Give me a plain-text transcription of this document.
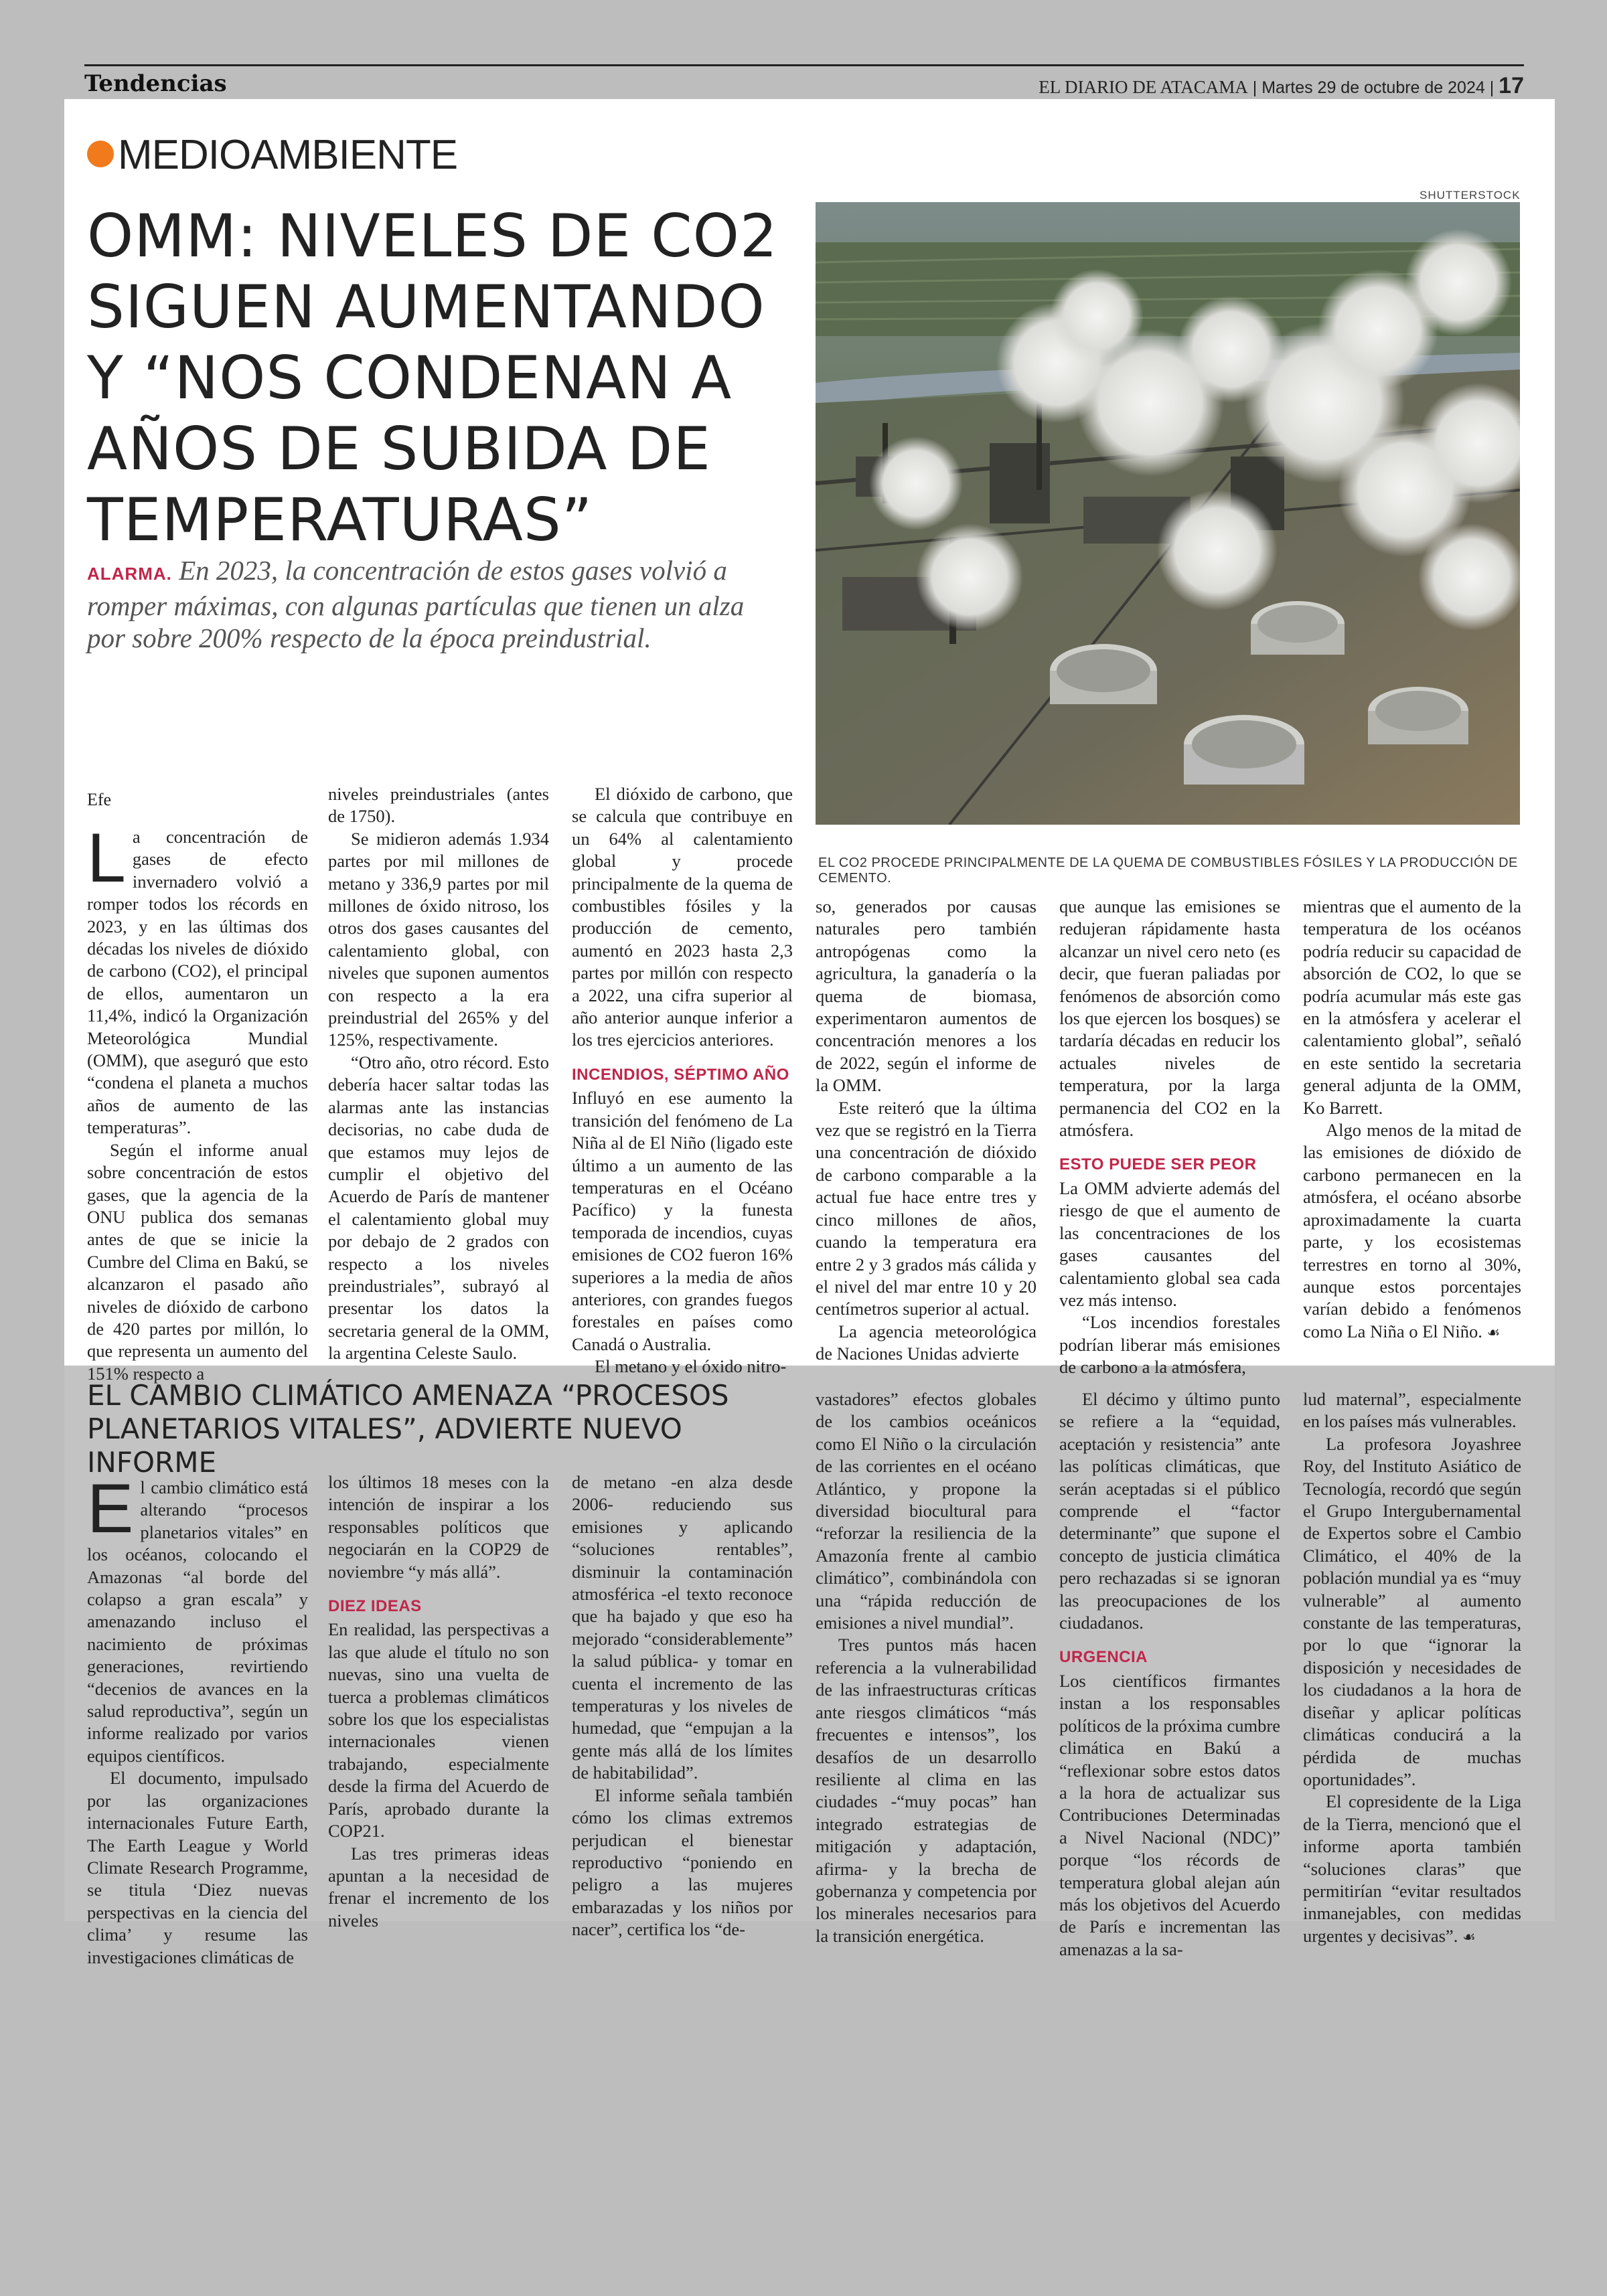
Tendencias	EL DIARIO DE ATACAMA | Martes 29 de octubre de 2024 | 17
MEDIOAMBIENTE
OMM: NIVELES DE CO2 SIGUEN AUMENTANDO Y “NOS CONDENAN A AÑOS DE SUBIDA DE TEMPERATURAS”
ALARMA. En 2023, la concentración de estos gases volvió a romper máximas, con algunas partículas que tienen un alza por sobre 200% respecto de la época preindustrial.
SHUTTERSTOCK
EL CO2 PROCEDE PRINCIPALMENTE DE LA QUEMA DE COMBUSTIBLES FÓSILES Y LA PRODUCCIÓN DE CEMENTO.
Efe

La concentración de gases de efecto invernadero volvió a romper todos los récords en 2023, y en las últimas dos décadas los niveles de dióxido de carbono (CO2), el principal de ellos, aumentaron un 11,4%, indicó la Organización Meteorológica Mundial (OMM), que aseguró que esto “condena el planeta a muchos años de aumento de las temperaturas”.

Según el informe anual sobre concentración de estos gases, que la agencia de la ONU publica dos semanas antes de que se inicie la Cumbre del Clima en Bakú, se alcanzaron el pasado año niveles de dióxido de carbono de 420 partes por millón, lo que representa un aumento del 151% respecto a

niveles preindustriales (antes de 1750).

Se midieron además 1.934 partes por mil millones de metano y 336,9 partes por mil millones de óxido nitroso, los otros dos gases causantes del calentamiento global, con niveles que suponen aumentos con respecto a la era preindustrial del 265% y del 125%, respectivamente.

“Otro año, otro récord. Esto debería hacer saltar todas las alarmas ante las instancias decisorias, no cabe duda de que estamos muy lejos de cumplir el objetivo del Acuerdo de París de mantener el calentamiento global muy por debajo de 2 grados con respecto a los niveles preindustriales”, subrayó al presentar los datos la secretaria general de la OMM, la argentina Celeste Saulo.

El dióxido de carbono, que se calcula que contribuye en un 64% al calentamiento global y procede principalmente de la quema de combustibles fósiles y la producción de cemento, aumentó en 2023 hasta 2,3 partes por millón con respecto a 2022, una cifra superior al año anterior aunque inferior a los tres ejercicios anteriores.

INCENDIOS, SÉPTIMO AÑO

Influyó en ese aumento la transición del fenómeno de La Niña al de El Niño (ligado este último a un aumento de las temperaturas en el Océano Pacífico) y la funesta temporada de incendios, cuyas emisiones de CO2 fueron 16% superiores a la media de años anteriores, con grandes fuegos forestales en países como Canadá o Australia.

El metano y el óxido nitro-

so, generados por causas naturales pero también antropógenas como la agricultura, la ganadería o la quema de biomasa, experimentaron aumentos de concentración menores a los de 2022, según el informe de la OMM.

Este reiteró que la última vez que se registró en la Tierra una concentración de dióxido de carbono comparable a la actual fue hace entre tres y cinco millones de años, cuando la temperatura era entre 2 y 3 grados más cálida y el nivel del mar entre 10 y 20 centímetros superior al actual.

La agencia meteorológica de Naciones Unidas advierte

que aunque las emisiones se redujeran rápidamente hasta alcanzar un nivel cero neto (es decir, que fueran paliadas por fenómenos de absorción como los que ejercen los bosques) se tardaría décadas en reducir los actuales niveles de temperatura, por la larga permanencia del CO2 en la atmósfera.

ESTO PUEDE SER PEOR

La OMM advierte además del riesgo de que el aumento de las concentraciones de los gases causantes del calentamiento global sea cada vez más intenso.

“Los incendios forestales podrían liberar más emisiones de carbono a la atmósfera,

mientras que el aumento de la temperatura de los océanos podría reducir su capacidad de absorción de CO2, lo que se podría acumular más este gas en la atmósfera y acelerar el calentamiento global”, señaló en este sentido la secretaria general adjunta de la OMM, Ko Barrett.

Algo menos de la mitad de las emisiones de dióxido de carbono permanecen en la atmósfera, el océano absorbe aproximadamente la cuarta parte, y los ecosistemas terrestres en torno al 30%, aunque estos porcentajes varían debido a fenómenos como La Niña o El Niño. ☙

EL CAMBIO CLIMÁTICO AMENAZA “PROCESOS PLANETARIOS VITALES”, ADVIERTE NUEVO INFORME

El cambio climático está alterando “procesos planetarios vitales” en los océanos, colocando el Amazonas “al borde del colapso a gran escala” y amenazando incluso el nacimiento de próximas generaciones, revirtiendo “decenios de avances en la salud reproductiva”, según un informe realizado por varios equipos científicos.

El documento, impulsado por las organizaciones internacionales Future Earth, The Earth League y World Climate Research Programme, se titula ‘Diez nuevas perspectivas en la ciencia del clima’ y resume las investigaciones climáticas de

los últimos 18 meses con la intención de inspirar a los responsables políticos que negociarán en la COP29 de noviembre “y más allá”.

DIEZ IDEAS

En realidad, las perspectivas a las que alude el título no son nuevas, sino una vuelta de tuerca a problemas climáticos sobre los que los especialistas internacionales vienen trabajando, especialmente desde la firma del Acuerdo de París, aprobado durante la COP21.

Las tres primeras ideas apuntan a la necesidad de frenar el incremento de los niveles

de metano -en alza desde 2006- reduciendo sus emisiones y aplicando “soluciones rentables”, disminuir la contaminación atmosférica -el texto reconoce que ha bajado y que eso ha mejorado “considerablemente” la salud pública- y tomar en cuenta el incremento de las temperaturas y los niveles de humedad, que “empujan a la gente más allá de los límites de habitabilidad”.

El informe señala también cómo los climas extremos perjudican el bienestar reproductivo “poniendo en peligro a las mujeres embarazadas y los niños por nacer”, certifica los “de-

vastadores” efectos globales de los cambios oceánicos como El Niño o la circulación de las corrientes en el océano Atlántico, y propone la diversidad biocultural para “reforzar la resiliencia de la Amazonía frente al cambio climático”, combinándola con una “rápida reducción de emisiones a nivel mundial”.

Tres puntos más hacen referencia a la vulnerabilidad de las infraestructuras críticas ante riesgos climáticos “más frecuentes e intensos”, los desafíos de un desarrollo resiliente al clima en las ciudades -“muy pocas” han integrado estrategias de mitigación y adaptación, afirma- y la brecha de gobernanza y competencia por los minerales necesarios para la transición energética.

El décimo y último punto se refiere a la “equidad, aceptación y resistencia” ante las políticas climáticas, que serán aceptadas si el público comprende el “factor determinante” que supone el concepto de justicia climática pero rechazadas si se ignoran las preocupaciones de los ciudadanos.

URGENCIA

Los científicos firmantes instan a los responsables políticos de la próxima cumbre climática en Bakú a “reflexionar sobre estos datos a la hora de actualizar sus Contribuciones Determinadas a Nivel Nacional (NDC)” porque “los récords de temperatura global alejan aún más los objetivos del Acuerdo de París e incrementan las amenazas a la sa-

lud maternal”, especialmente en los países más vulnerables.

La profesora Joyashree Roy, del Instituto Asiático de Tecnología, recordó que según el Grupo Intergubernamental de Expertos sobre el Cambio Climático, el 40% de la población mundial ya es “muy vulnerable” al aumento constante de las temperaturas, por lo que “ignorar la disposición y necesidades de los ciudadanos a la hora de diseñar y aplicar políticas climáticas conducirá a la pérdida de muchas oportunidades”.

El copresidente de la Liga de la Tierra, mencionó que el informe aporta también “soluciones claras” que permitirían “evitar resultados inmanejables, con medidas urgentes y decisivas”. ☙
